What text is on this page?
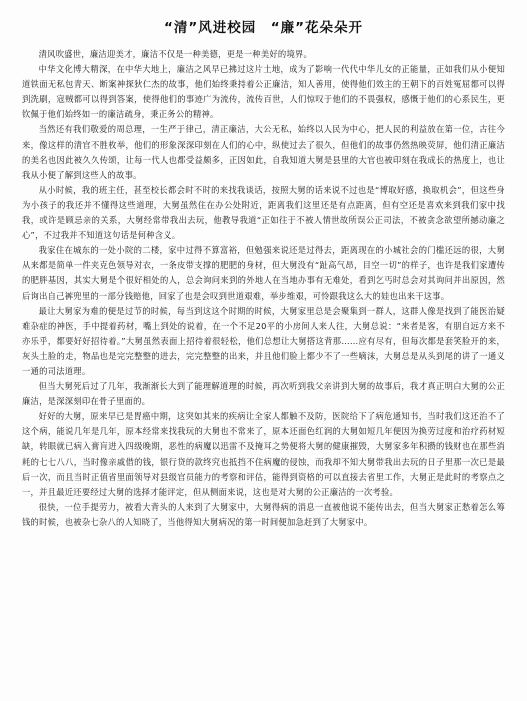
“清”风进校园　“廉”花朵朵开

清风吹盛世，廉洁迎美才，廉洁不仅是一种美德，更是一种美好的境界。

中华文化博大精深，在中华大地上，廉洁之风早已拂过这片土地，成为了影响一代代中华儿女的正能量，正如我们从小便知道铁面无私包青天、断案神探狄仁杰的故事，他们始终秉持着公正廉洁，知人善用，使得他们效主的王朝下的百姓冤屈都可以得到洗刷，寇贼都可以得到答案，使得他们的事迹广为流传，流传百世，人们惊叹于他们的不畏强权，感慨于他们的心系民生，更钦佩于他们始终如一的廉洁疏身，秉正务公的精神。

当然还有我们敬爱的周总理，一生严于律己，清正廉洁，大公无私，始终以人民为中心，把人民的利益放在第一位，古往今来，像这样的清官不胜枚举，他们的形象深深印刻在人们的心中，纵使过去了很久，但他们的故事仍然热映荧屏，他们清正廉洁的美名也因此被久久传颂，让每一代人也都受益颇多，正因如此，自我知道大舅是县里的大官也被印刻在我成长的热度上，也让我从小便了解到这些人的故事。

从小时候，我的班主任，甚至校长都会时不时的来找我谈话，按照大舅的话来说不过也是“博取好感，换取机会”，但这些身为小孩子的我还并不懂得这些道理，大舅虽然住在办公处附近，距离我们这里还是有点距离，但有空还是喜欢来到我们家中找我，或许是顾忌亲的关系，大舅经常带我出去玩，他教导我道“正如往于不被人情世故所误公正司法，不被贪念欲望所撼动廉之心”，不过我并不知道这句话是何种含义。

我家住在城东的一处小院的二楼，家中过得不算富裕，但勉强来说还是过得去，距离现在的小城社会的门槛还远的很，大舅从来都是简单一件夹克色领导对衣，一条皮带支撑的肥肥的身材，但大舅没有“趾高气昂，目空一切”的样子，也许是我们家遭传的肥胖基因，其实大舅是个很好相处的人，总会询问来到的外地人在当地办事有无难处，看到乞丐时总会对其询问并出原因，然后询出自己裤兜里的一部分钱赔他，回家了也是会叹到世道艰难，举步维艰，可怜跟我这么大的娃也出来干这事。

最让大舅家为难的便是过节的时候，每当到这这个时期的时候，大舅家里总是会聚集到一群人，这群人像是找到了能医治疑难杂症的神医，手中提着药材，嘴上到处的说着，在一个不足20平的小房间人来人往，大舅总说：“来者是客，有朋自远方来不亦乐乎，都要好好招待着。”大舅虽然表面上招待着很轻松，他们总想让大舅搭这背那……应有尽有，但每次都是套笑脸开的来，灰头土脸的走，物品也是完完整整的进去，完完整整的出来，并且他们脸上都少不了一些嘀沫，大舅总是从头到尾的讲了一通义一通的司法道理。

但当大舅死后过了几年，我渐渐长大到了能理解道理的时候，再次听到我父亲讲到大舅的故事后，我才真正明白大舅的公正廉洁，是深深刻印在骨子里面的。

好好的大舅，原来早已是胃癌中期，这突如其来的疾病让全家人都触不及防，医院给下了病危通知书，当时我们这还治不了这个病，能说几年是几年，原本经常来找我玩的大舅也不常来了，原本还面色红润的大舅如短几年便因为换劳过度和治疗药材短缺，转眼就已病入膏肓进入四级晚期，恶性的病魔以迅雷不及掩耳之势便将大舅的健康摧毁，大舅家多年积攒的钱财也在那些消耗的七七八八，当时像亲戚借的钱，银行贷的款终究也抵挡不住病魔的侵蚀，而我却不知大舅带我出去玩的日子里那一次已是最后一次，而且当时正值省里面领导对县级官员能力的考察和评估，能得到资格的可以直接去省里工作，大舅正是此时的考察点之一，并且最近还要经过大舅的选择才能评定，但从侧面来说，这也是对大舅的公正廉洁的一次考验。

很快，一位手提劳力，被看大背头的人来到了大舅家中，大舅得病的消息一直被他说不能传出去，但当大舅家正愁着怎么筹钱的时候，也被杂七杂八的人知晓了，当他得知大舅病况的第一时间便加急赶到了大舅家中。
